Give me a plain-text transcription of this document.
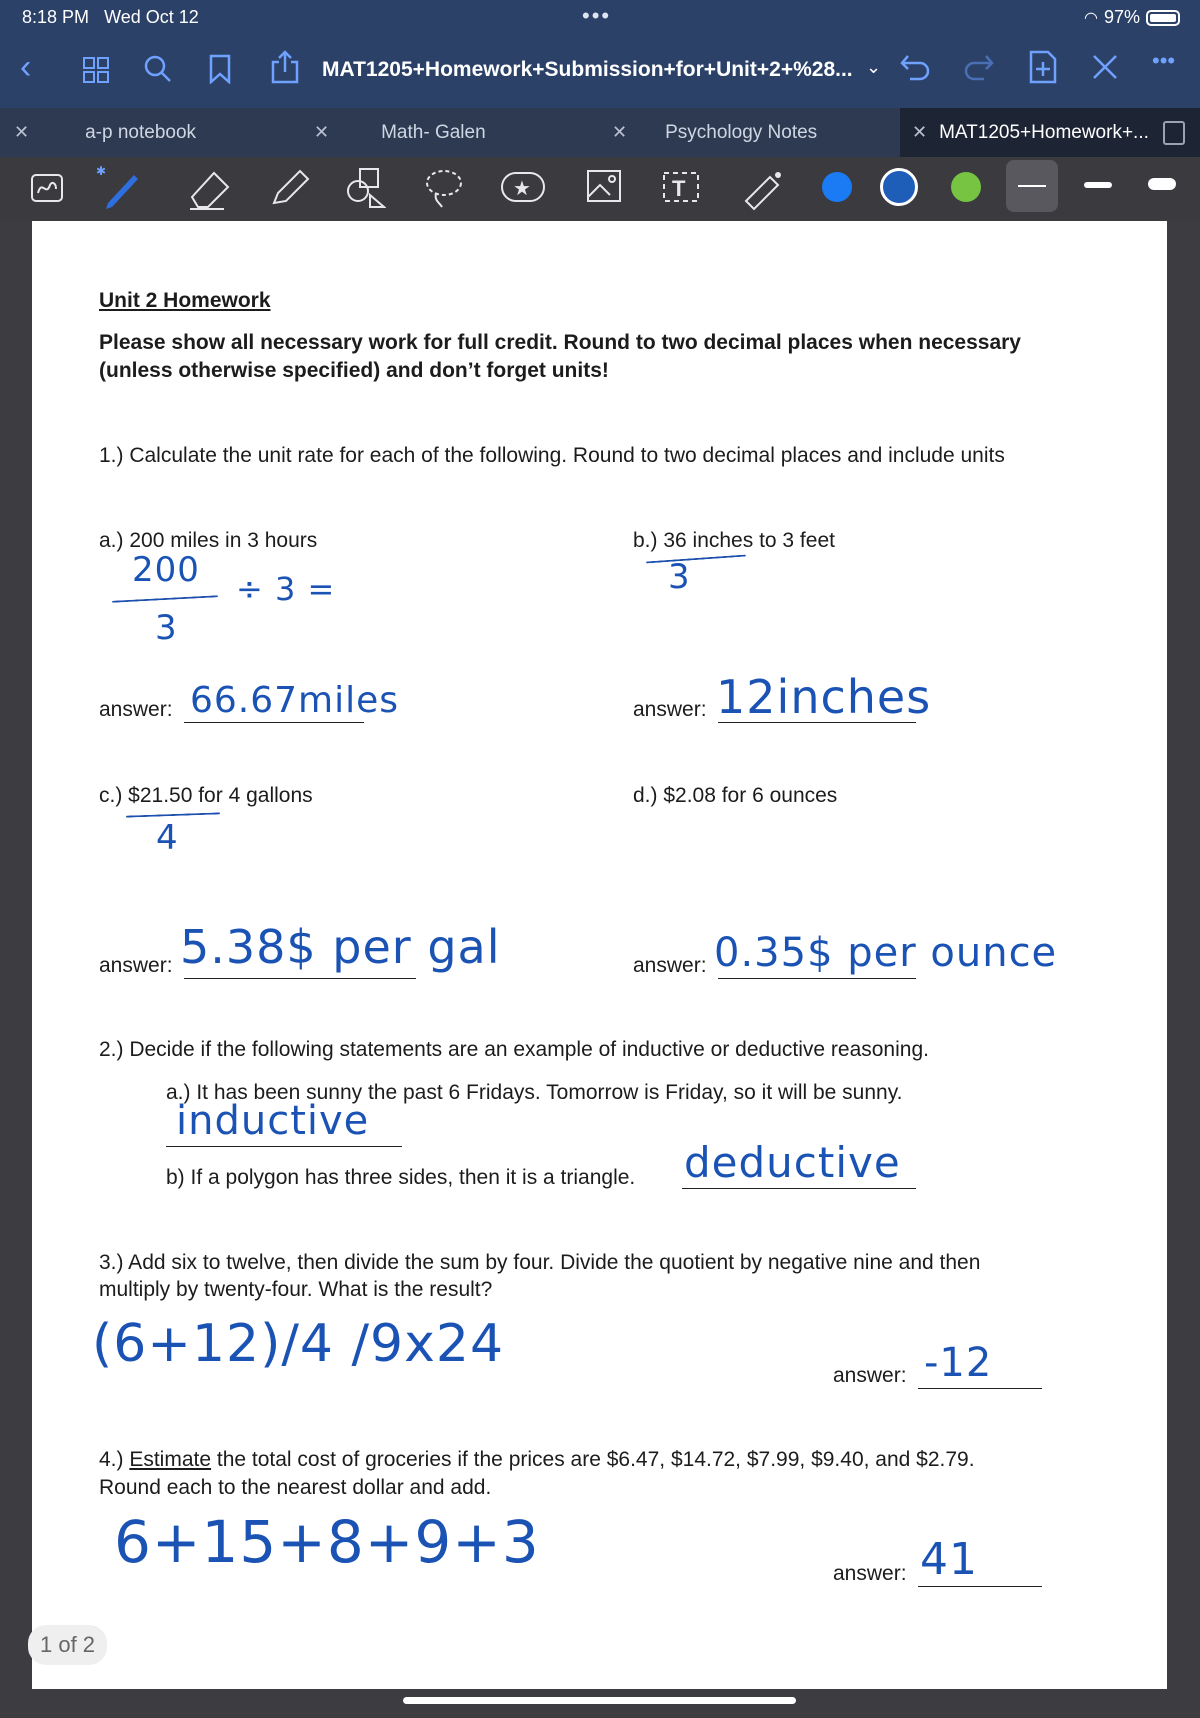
8:18 PM Wed Oct 12	•••	◠ 97%
‹	MAT1205+Homework+Submission+for+Unit+2+%28... ⌄	•••
✕	a-p notebook	✕	Math- Galen	✕ Psychology Notes	✕ MAT1205+Homework+...
✱
★	T
Unit 2 Homework
Please show all necessary work for full credit. Round to two decimal places when necessary
(unless otherwise specified) and don’t forget units!
1.) Calculate the unit rate for each of the following. Round to two decimal places and include units
a.) 200 miles in 3 hours
200 ÷ 3 =
3
answer: 66.67miles
b.) 36 inches to 3 feet
3
answer: 12inches
c.) $21.50 for 4 gallons
4
answer: 5.38$ per gal
d.) $2.08 for 6 ounces
answer: 0.35$ per ounce
2.) Decide if the following statements are an example of inductive or deductive reasoning.
a.) It has been sunny the past 6 Fridays. Tomorrow is Friday, so it will be sunny.
inductive
b) If a polygon has three sides, then it is a triangle. deductive
3.) Add six to twelve, then divide the sum by four. Divide the quotient by negative nine and then
multiply by twenty-four. What is the result?
(6+12)/4 /9x24
answer: -12
4.) Estimate the total cost of groceries if the prices are $6.47, $14.72, $7.99, $9.40, and $2.79.
Round each to the nearest dollar and add.
6+15+8+9+3	answer: 41
1 of 2
